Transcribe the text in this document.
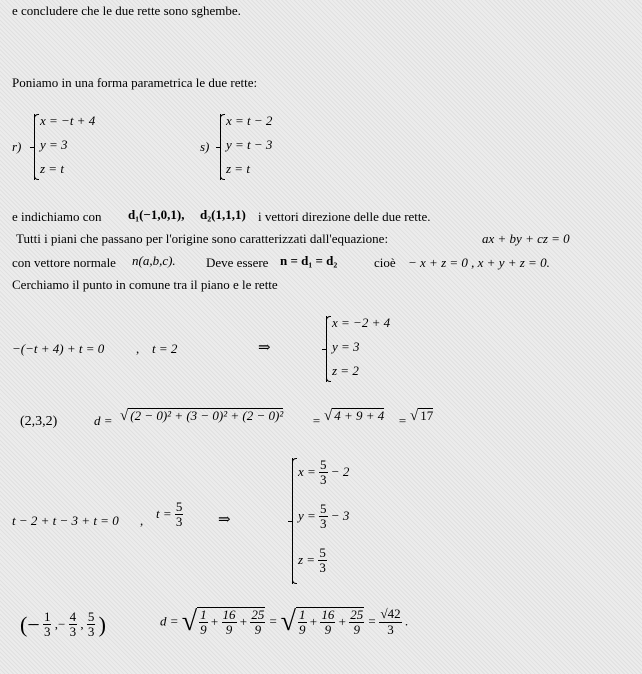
e concludere che le due rette sono sghembe.
Poniamo in una forma parametrica le due rette:
r)
x = −t + 4
y = 3
z = t
s)
x = t − 2
y = t − 3
z = t
e indichiamo con d₁(−1,0,1), d₂(1,1,1) i vettori direzione delle due rette.
Tutti i piani che passano per l'origine sono caratterizzati dall'equazione:	ax + by + cz = 0
con vettore normale n(a,b,c). Deve essere n = d₁ = d₂	cioè − x + z = 0 , x + y + z = 0.
Cerchiamo il punto in comune tra il piano e le rette
−(−t + 4) + t = 0 , t = 2	⇒
x = −2 + 4
y = 3
z = 2
(2,3,2)	d = √ (2 − 0)² + (3 − 0)² + (2 − 0)² = √ 4 + 9 + 4 = √ 17
t − 2 + t − 3 + t = 0 , $t = \frac{5}{3}$ ⇒
$x = \frac{5}{3} - 2$
$y = \frac{5}{3} - 3$
$z = \frac{5}{3}$
(− $\frac{1}{3}$ ,− $\frac{4}{3}$ , $\frac{5}{3}$ )	d = √ $\frac{1}{9} + \frac{16}{9} + \frac{25}{9}$ = √ $\frac{1}{9} + \frac{16}{9} + \frac{25}{9} = \frac{√42}{3}$ .
